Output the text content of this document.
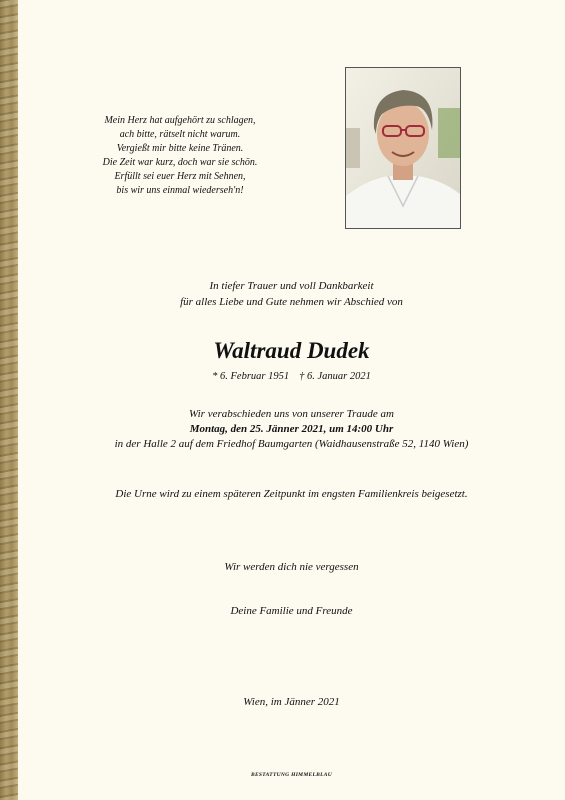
Mein Herz hat aufgehört zu schlagen,
ach bitte, rätselt nicht warum.
Vergießt mir bitte keine Tränen.
Die Zeit war kurz, doch war sie schön.
Erfüllt sei euer Herz mit Sehnen,
bis wir uns einmal wiederseh'n!
In tiefer Trauer und voll Dankbarkeit
für alles Liebe und Gute nehmen wir Abschied von
Waltraud Dudek
* 6. Februar 1951 † 6. Januar 2021
Wir verabschieden uns von unserer Traude am
Montag, den 25. Jänner 2021, um 14:00 Uhr
in der Halle 2 auf dem Friedhof Baumgarten (Waidhausenstraße 52, 1140 Wien)
Die Urne wird zu einem späteren Zeitpunkt im engsten Familienkreis beigesetzt.
Wir werden dich nie vergessen
Deine Familie und Freunde
Wien, im Jänner 2021
BESTATTUNG HIMMELBLAU
